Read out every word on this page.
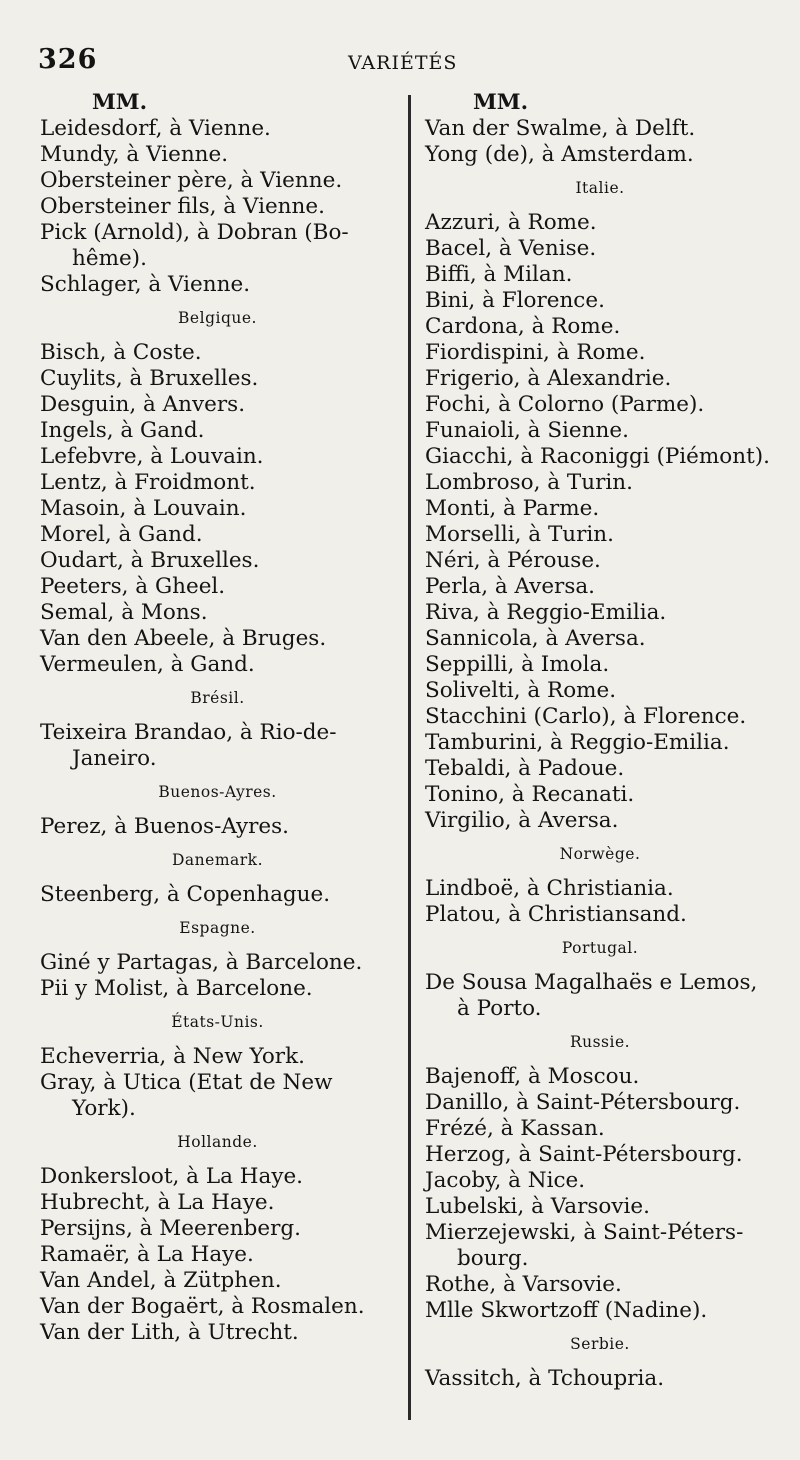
326	VARIÉTÉS
MM.
Leidesdorf, à Vienne.
Mundy, à Vienne.
Obersteiner père, à Vienne.
Obersteiner fils, à Vienne.
Pick (Arnold), à Dobran (Bo-
hême).
Schlager, à Vienne.
Belgique.
Bisch, à Coste.
Cuylits, à Bruxelles.
Desguin, à Anvers.
Ingels, à Gand.
Lefebvre, à Louvain.
Lentz, à Froidmont.
Masoin, à Louvain.
Morel, à Gand.
Oudart, à Bruxelles.
Peeters, à Gheel.
Semal, à Mons.
Van den Abeele, à Bruges.
Vermeulen, à Gand.
Brésil.
Teixeira Brandao, à Rio-de-
Janeiro.
Buenos-Ayres.
Perez, à Buenos-Ayres.
Danemark.
Steenberg, à Copenhague.
Espagne.
Giné y Partagas, à Barcelone.
Pii y Molist, à Barcelone.
États-Unis.
Echeverria, à New York.
Gray, à Utica (Etat de New
York).
Hollande.
Donkersloot, à La Haye.
Hubrecht, à La Haye.
Persijns, à Meerenberg.
Ramaër, à La Haye.
Van Andel, à Zütphen.
Van der Bogaërt, à Rosmalen.
Van der Lith, à Utrecht.
MM.
Van der Swalme, à Delft.
Yong (de), à Amsterdam.
Italie.
Azzuri, à Rome.
Bacel, à Venise.
Biffi, à Milan.
Bini, à Florence.
Cardona, à Rome.
Fiordispini, à Rome.
Frigerio, à Alexandrie.
Fochi, à Colorno (Parme).
Funaioli, à Sienne.
Giacchi, à Raconiggi (Piémont).
Lombroso, à Turin.
Monti, à Parme.
Morselli, à Turin.
Néri, à Pérouse.
Perla, à Aversa.
Riva, à Reggio-Emilia.
Sannicola, à Aversa.
Seppilli, à Imola.
Solivelti, à Rome.
Stacchini (Carlo), à Florence.
Tamburini, à Reggio-Emilia.
Tebaldi, à Padoue.
Tonino, à Recanati.
Virgilio, à Aversa.
Norwège.
Lindboë, à Christiania.
Platou, à Christiansand.
Portugal.
De Sousa Magalhaës e Lemos,
à Porto.
Russie.
Bajenoff, à Moscou.
Danillo, à Saint-Pétersbourg.
Frézé, à Kassan.
Herzog, à Saint-Pétersbourg.
Jacoby, à Nice.
Lubelski, à Varsovie.
Mierzejewski, à Saint-Péters-
bourg.
Rothe, à Varsovie.
Mlle Skwortzoff (Nadine).
Serbie.
Vassitch, à Tchoupria.
